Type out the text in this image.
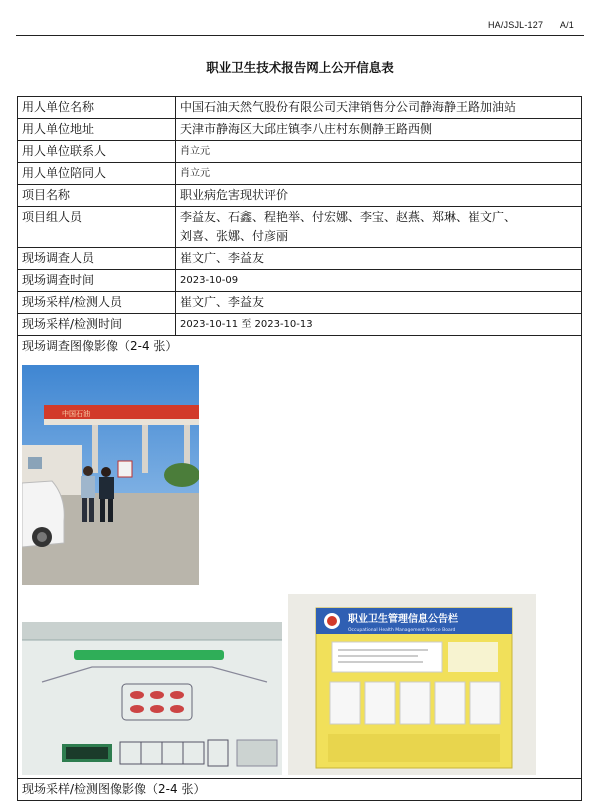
HA/JSJL-127 A/1
职业卫生技术报告网上公开信息表
用人单位名称	中国石油天然气股份有限公司天津销售分公司静海静王路加油站
用人单位地址	天津市静海区大邱庄镇李八庄村东侧静王路西侧
用人单位联系人	肖立元
用人单位陪同人	肖立元
项目名称	职业病危害现状评价
项目组人员	李益友、石鑫、程艳举、付宏娜、李宝、赵燕、郑琳、崔文广、
刘喜、张娜、付彦丽

现场调查人员	崔文广、李益友
现场调查时间	2023-10-09
现场采样/检测人员	崔文广、李益友
现场采样/检测时间	2023-10-11 至 2023-10-13

现场调查图像影像（2-4 张）
中国石油
职业卫生管理信息公告栏
Occupational Health Management Notice Board	

现场采样/检测图像影像（2-4 张）	
